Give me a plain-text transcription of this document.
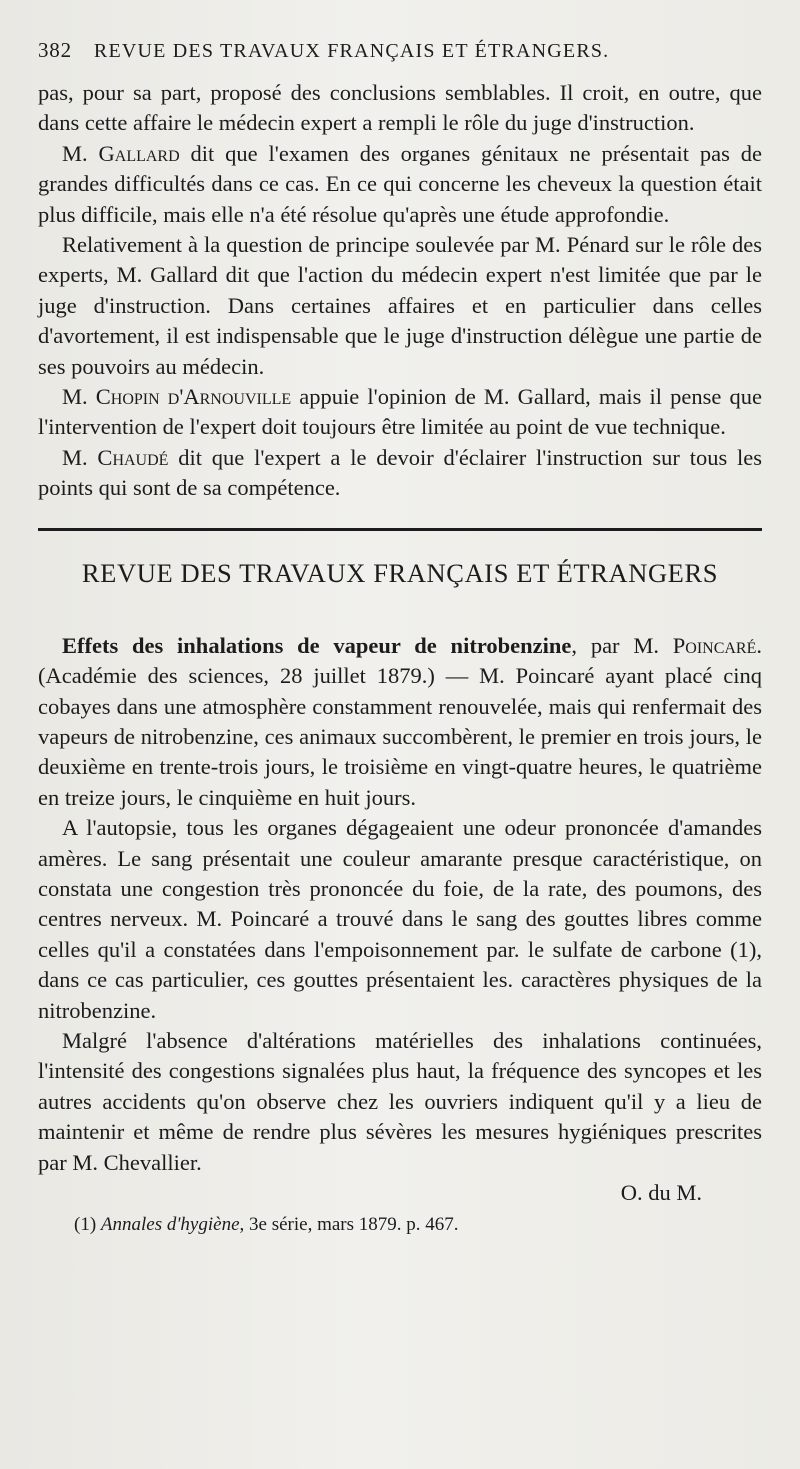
382 REVUE DES TRAVAUX FRANÇAIS ET ÉTRANGERS.

pas, pour sa part, proposé des conclusions semblables. Il croit, en outre, que dans cette affaire le médecin expert a rempli le rôle du juge d'instruction.

M. Gallard dit que l'examen des organes génitaux ne présentait pas de grandes difficultés dans ce cas. En ce qui concerne les cheveux la question était plus difficile, mais elle n'a été résolue qu'après une étude approfondie.

Relativement à la question de principe soulevée par M. Pénard sur le rôle des experts, M. Gallard dit que l'action du médecin expert n'est limitée que par le juge d'instruction. Dans certaines affaires et en particulier dans celles d'avortement, il est indispensable que le juge d'instruction délègue une partie de ses pouvoirs au médecin.

M. Chopin d'Arnouville appuie l'opinion de M. Gallard, mais il pense que l'intervention de l'expert doit toujours être limitée au point de vue technique.

M. Chaudé dit que l'expert a le devoir d'éclairer l'instruction sur tous les points qui sont de sa compétence.

REVUE DES TRAVAUX FRANÇAIS ET ÉTRANGERS

Effets des inhalations de vapeur de nitrobenzine, par M. Poincaré. (Académie des sciences, 28 juillet 1879.) — M. Poincaré ayant placé cinq cobayes dans une atmosphère constamment renouvelée, mais qui renfermait des vapeurs de nitrobenzine, ces animaux succombèrent, le premier en trois jours, le deuxième en trente-trois jours, le troisième en vingt-quatre heures, le quatrième en treize jours, le cinquième en huit jours.

A l'autopsie, tous les organes dégageaient une odeur prononcée d'amandes amères. Le sang présentait une couleur amarante presque caractéristique, on constata une congestion très prononcée du foie, de la rate, des poumons, des centres nerveux. M. Poincaré a trouvé dans le sang des gouttes libres comme celles qu'il a constatées dans l'empoisonnement par. le sulfate de carbone (1), dans ce cas particulier, ces gouttes présentaient les. caractères physiques de la nitrobenzine.

Malgré l'absence d'altérations matérielles des inhalations continuées, l'intensité des congestions signalées plus haut, la fréquence des syncopes et les autres accidents qu'on observe chez les ouvriers indiquent qu'il y a lieu de maintenir et même de rendre plus sévères les mesures hygiéniques prescrites par M. Chevallier.

O. du M.
(1) Annales d'hygiène, 3e série, mars 1879. p. 467.
